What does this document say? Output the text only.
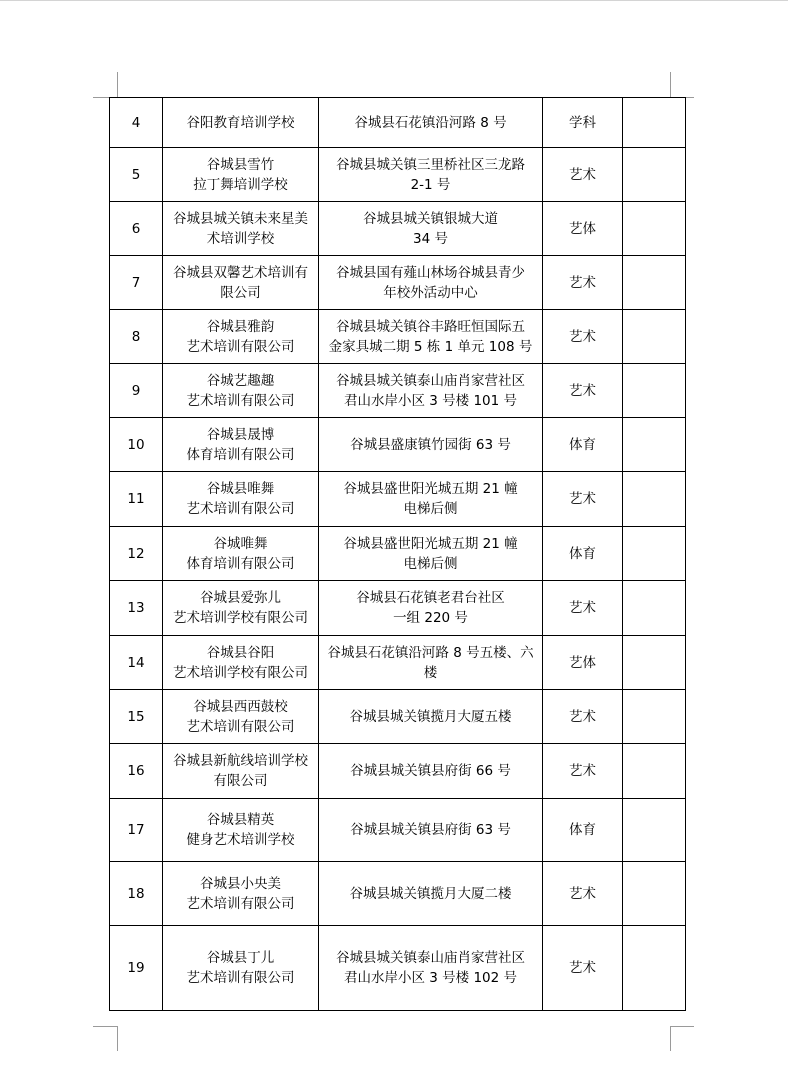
4	谷阳教育培训学校	谷城县石花镇沿河路 8 号	学科	
5	谷城县雪竹
拉丁舞培训学校	谷城县城关镇三里桥社区三龙路
2-1 号	艺术	
6	谷城县城关镇未来星美
术培训学校	谷城县城关镇银城大道
34 号	艺体	
7	谷城县双馨艺术培训有
限公司	谷城县国有薤山林场谷城县青少
年校外活动中心	艺术	
8	谷城县雅韵
艺术培训有限公司	谷城县城关镇谷丰路旺恒国际五
金家具城二期 5 栋 1 单元 108 号	艺术	
9	谷城艺趣趣
艺术培训有限公司	谷城县城关镇泰山庙肖家营社区
君山水岸小区 3 号楼 101 号	艺术	
10	谷城县晟博
体育培训有限公司	谷城县盛康镇竹园街 63 号	体育	
11	谷城县唯舞
艺术培训有限公司	谷城县盛世阳光城五期 21 幢
电梯后侧	艺术	
12	谷城唯舞
体育培训有限公司	谷城县盛世阳光城五期 21 幢
电梯后侧	体育	
13	谷城县爱弥儿
艺术培训学校有限公司	谷城县石花镇老君台社区
一组 220 号	艺术	
14	谷城县谷阳
艺术培训学校有限公司	谷城县石花镇沿河路 8 号五楼、六
楼	艺体	
15	谷城县西西鼓校
艺术培训有限公司	谷城县城关镇揽月大厦五楼	艺术	
16	谷城县新航线培训学校
有限公司	谷城县城关镇县府街 66 号	艺术	
17	谷城县精英
健身艺术培训学校	谷城县城关镇县府街 63 号	体育	
18	谷城县小央美
艺术培训有限公司	谷城县城关镇揽月大厦二楼	艺术	
19	谷城县丁儿
艺术培训有限公司	谷城县城关镇泰山庙肖家营社区
君山水岸小区 3 号楼 102 号	艺术	
